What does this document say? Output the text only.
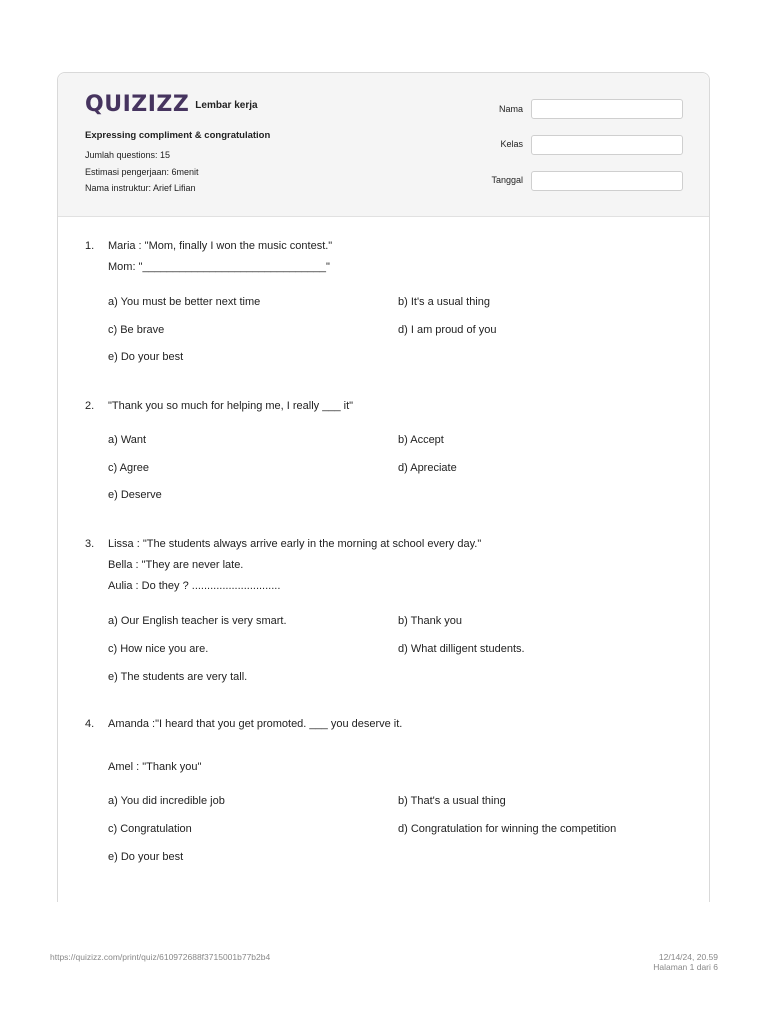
QUIZIZZ Lembar kerja
Expressing compliment & congratulation
Jumlah questions: 15
Estimasi pengerjaan: 6menit
Nama instruktur: Arief Lifian
Nama
Kelas
Tanggal
1. Maria : "Mom, finally I won the music contest."
Mom: "______________________________"
a) You must be better next time	b) It's a usual thing
c) Be brave	d) I am proud of you
e) Do your best
2. "Thank you so much for helping me, I really ___ it"
a) Want	b) Accept
c) Agree	d) Apreciate
e) Deserve
3. Lissa : "The students always arrive early in the morning at school every day."
Bella : "They are never late.
Aulia : Do they ? .............................
a) Our English teacher is very smart.	b) Thank you
c) How nice you are.	d) What dilligent students.
e) The students are very tall.
4. Amanda :"I heard that you get promoted. ___ you deserve it.
Amel : "Thank you"
a) You did incredible job	b) That's a usual thing
c) Congratulation	d) Congratulation for winning the competition
e) Do your best
https://quizizz.com/print/quiz/610972688f3715001b77b2b4	12/14/24, 20.59
Halaman 1 dari 6
